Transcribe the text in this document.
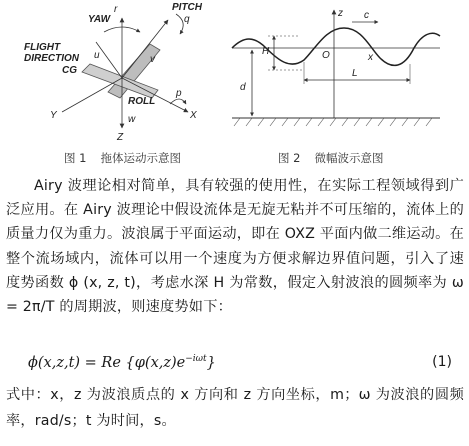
YAW
PITCH
ROLL
FLIGHT
DIRECTION
CG
r
q
p
u	v
w	X
Y
Z
z c
H	O	x
L
d
图 1 拖体运动示意图	图 2 微幅波示意图

Airy 波理论相对简单，具有较强的使用性，在实际工程领域得到广泛应用。在 Airy 波理论中假设流体是无旋无粘并不可压缩的，流体上的质量力仅为重力。波浪属于平面运动，即在 OXZ 平面内做二维运动。在整个流场域内，流体可以用一个速度为方便求解边界值问题，引入了速度势函数 ϕ (x, z, t)，考虑水深 H 为常数，假定入射波浪的圆频率为 ω = 2π/T 的周期波，则速度势如下：

ϕ(x,z,t) = Re $\{\varphi(x,z)e^{-i\omega t}\}$	(1)

式中：x，z 为波浪质点的 x 方向和 z 方向坐标，m；ω 为波浪的圆频率，rad/s；t 为时间，s。
